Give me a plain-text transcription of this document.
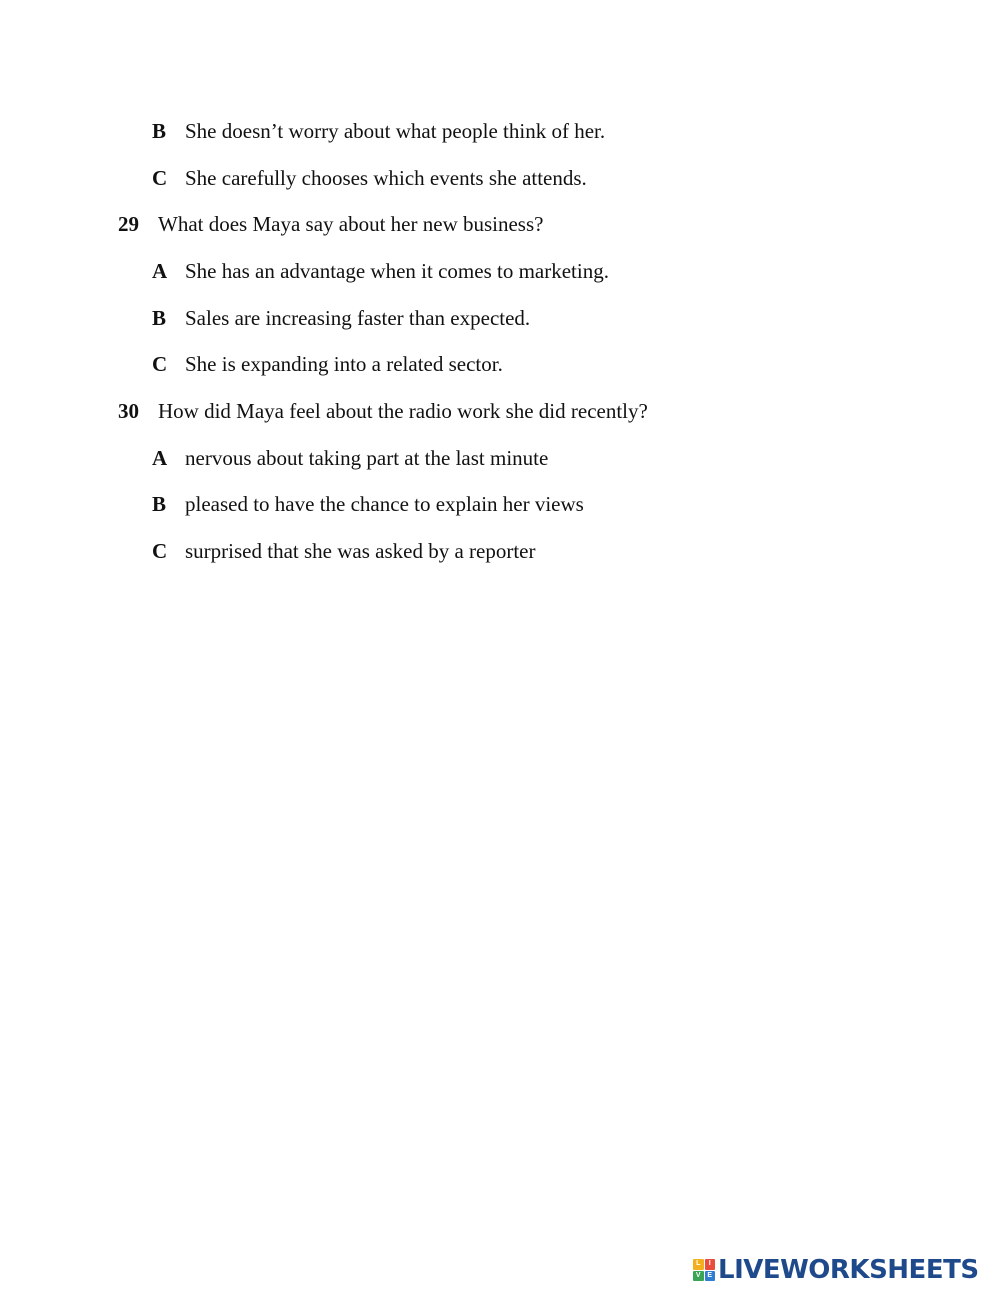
B She doesn’t worry about what people think of her.
C She carefully chooses which events she attends.
29 What does Maya say about her new business?
A She has an advantage when it comes to marketing.
B Sales are increasing faster than expected.
C She is expanding into a related sector.
30 How did Maya feel about the radio work she did recently?
A nervous about taking part at the last minute
B pleased to have the chance to explain her views
C surprised that she was asked by a reporter
L	I
V E LIVEWORKSHEETS
